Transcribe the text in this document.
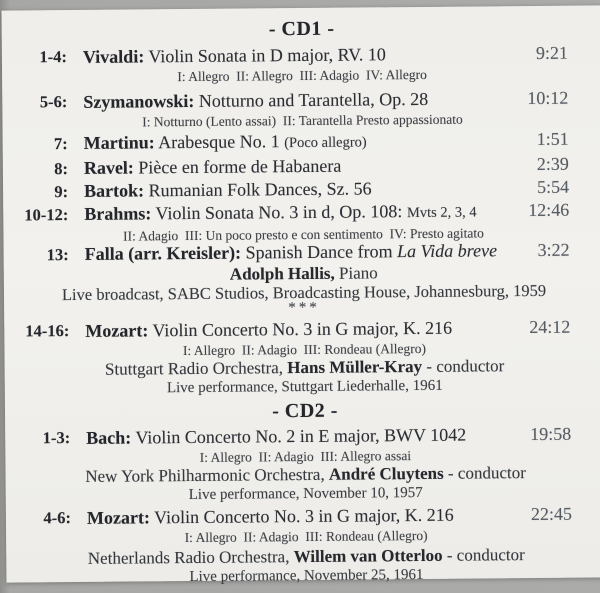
- CD1 -
1-4: Vivaldi: Violin Sonata in D major, RV. 10	9:21
I: Allegro  II: Allegro  III: Adagio  IV: Allegro
5-6: Szymanowski: Notturno and Tarantella, Op. 28	10:12
I: Notturno (Lento assai)  II: Tarantella Presto appassionato
7: Martinu: Arabesque No. 1 (Poco allegro)	1:51
8: Ravel: Pièce en forme de Habanera	2:39
9: Bartok: Rumanian Folk Dances, Sz. 56	5:54
10-12: Brahms: Violin Sonata No. 3 in d, Op. 108: Mvts 2, 3, 4	12:46
II: Adagio  III: Un poco presto e con sentimento  IV: Presto agitato
13: Falla (arr. Kreisler): Spanish Dance from La Vida breve	3:22
Adolph Hallis, Piano
Live broadcast, SABC Studios, Broadcasting House, Johannesburg, 1959
***
14-16: Mozart: Violin Concerto No. 3 in G major, K. 216	24:12
I: Allegro  II: Adagio  III: Rondeau (Allegro)
Stuttgart Radio Orchestra, Hans Müller-Kray - conductor
Live performance, Stuttgart Liederhalle, 1961
- CD2 -
1-3: Bach: Violin Concerto No. 2 in E major, BWV 1042	19:58
I: Allegro  II: Adagio  III: Allegro assai
New York Philharmonic Orchestra, André Cluytens - conductor
Live performance, November 10, 1957
4-6: Mozart: Violin Concerto No. 3 in G major, K. 216	22:45
I: Allegro  II: Adagio  III: Rondeau (Allegro)
Netherlands Radio Orchestra, Willem van Otterloo - conductor
Live performance, November 25, 1961
